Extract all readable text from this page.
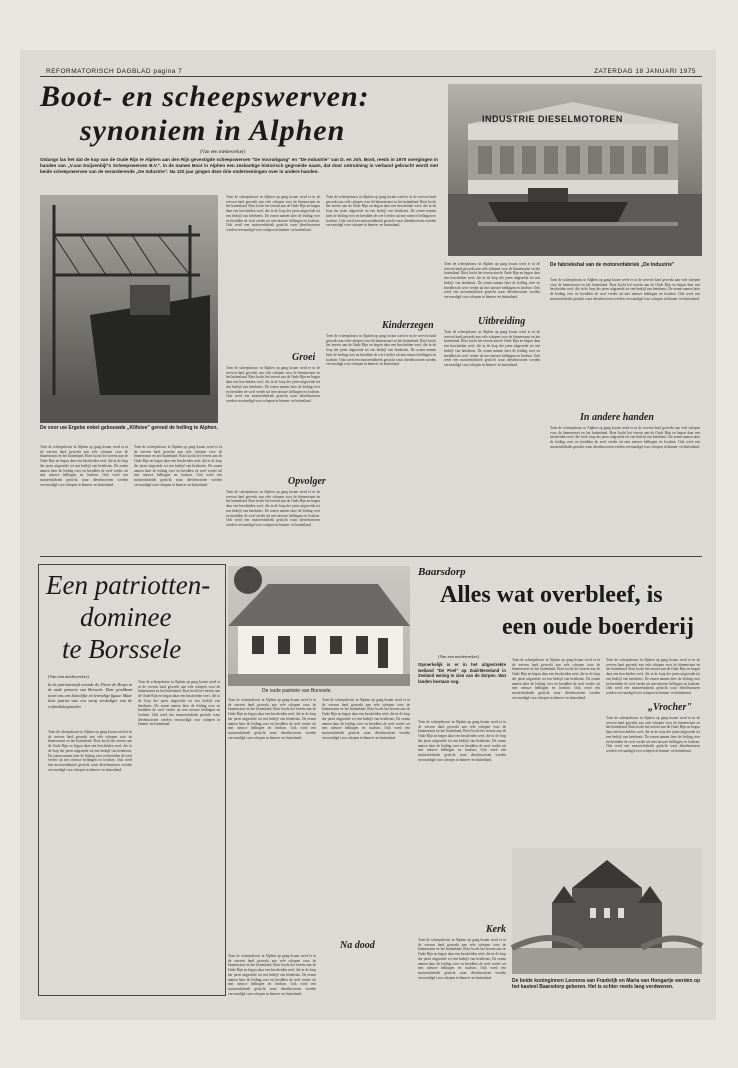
REFORMATORISCH DAGBLAD pagina 7	ZATERDAG 18 JANUARI 1975
Boot- en scheepswerven:
synoniem in Alphen	INDUSTRIE DIESELMOTOREN
(Van een medewerker)
Onlangs las het dat de kop van de Oude Rijn te Alphen aan den Rijn gevestigde scheepswerven "De Vooruitgang" en "De Industrie" van D. en Joh. Boot, reeds in 1970 overgingen in handen van „V.van Duijvenbijl"s Scheepswerven B.V.". In de namen Boot in Alphen een zeskantige historisch gegroeide naam, dat door ontruiming in verband gebracht wordt met beide scheepswerven van de veranderende „De Industrie". Na 120 jaar gingen deze drie ondernemingen over in andere handen.
De voor uw Ergebe enkel gebouwde „Klifstee" gereed de helling te Alphen.
Toen de scheepsbouw in Alphen op gang kwam werd er in de werven hard gewerkt aan vele schepen voor de binnenvaart en het buitenland. Boot kocht het terrein aan de Oude Rijn en begon daar een bescheiden werf, die in de loop der jaren uitgroeide tot een bedrijf van betekenis. De zonen namen later de leiding over en breidden de werf verder uit met nieuwe hellingen en loodsen. Ook werd een motorenfabriek gesticht waar dieselmotoren werden vervaardigd voor schepen in binnen- en buitenland.
Toen de scheepsbouw in Alphen op gang kwam werd er in de werven hard gewerkt aan vele schepen voor de binnenvaart en het buitenland. Boot kocht het terrein aan de Oude Rijn en begon daar een bescheiden werf, die in de loop der jaren uitgroeide tot een bedrijf van betekenis. De zonen namen later de leiding over en breidden de werf verder uit met nieuwe hellingen en loodsen. Ook werd een motorenfabriek gesticht waar dieselmotoren werden vervaardigd voor schepen in binnen- en buitenland.
Toen de scheepsbouw in Alphen op gang kwam werd er in de werven hard gewerkt aan vele schepen voor de binnenvaart en het buitenland. Boot kocht het terrein aan de Oude Rijn en begon daar een bescheiden werf, die in de loop der jaren uitgroeide tot een bedrijf van betekenis. De zonen namen later de leiding over en breidden de werf verder uit met nieuwe hellingen en loodsen. Ook werd een motorenfabriek gesticht waar dieselmotoren werden vervaardigd voor schepen in binnen- en buitenland.
Groei
Toen de scheepsbouw in Alphen op gang kwam werd er in de werven hard gewerkt aan vele schepen voor de binnenvaart en het buitenland. Boot kocht het terrein aan de Oude Rijn en begon daar een bescheiden werf, die in de loop der jaren uitgroeide tot een bedrijf van betekenis. De zonen namen later de leiding over en breidden de werf verder uit met nieuwe hellingen en loodsen. Ook werd een motorenfabriek gesticht waar dieselmotoren werden vervaardigd voor schepen in binnen- en buitenland.
Opvolger
Toen de scheepsbouw in Alphen op gang kwam werd er in de werven hard gewerkt aan vele schepen voor de binnenvaart en het buitenland. Boot kocht het terrein aan de Oude Rijn en begon daar een bescheiden werf, die in de loop der jaren uitgroeide tot een bedrijf van betekenis. De zonen namen later de leiding over en breidden de werf verder uit met nieuwe hellingen en loodsen. Ook werd een motorenfabriek gesticht waar dieselmotoren werden vervaardigd voor schepen in binnen- en buitenland.
Toen de scheepsbouw in Alphen op gang kwam werd er in de werven hard gewerkt aan vele schepen voor de binnenvaart en het buitenland. Boot kocht het terrein aan de Oude Rijn en begon daar een bescheiden werf, die in de loop der jaren uitgroeide tot een bedrijf van betekenis. De zonen namen later de leiding over en breidden de werf verder uit met nieuwe hellingen en loodsen. Ook werd een motorenfabriek gesticht waar dieselmotoren werden vervaardigd voor schepen in binnen- en buitenland.
Kinderzegen
Toen de scheepsbouw in Alphen op gang kwam werd er in de werven hard gewerkt aan vele schepen voor de binnenvaart en het buitenland. Boot kocht het terrein aan de Oude Rijn en begon daar een bescheiden werf, die in de loop der jaren uitgroeide tot een bedrijf van betekenis. De zonen namen later de leiding over en breidden de werf verder uit met nieuwe hellingen en loodsen. Ook werd een motorenfabriek gesticht waar dieselmotoren werden vervaardigd voor schepen in binnen- en buitenland.
Toen de scheepsbouw in Alphen op gang kwam werd er in de werven hard gewerkt aan vele schepen voor de binnenvaart en het buitenland. Boot kocht het terrein aan de Oude Rijn en begon daar een bescheiden werf, die in de loop der jaren uitgroeide tot een bedrijf van betekenis. De zonen namen later de leiding over en breidden de werf verder uit met nieuwe hellingen en loodsen. Ook werd een motorenfabriek gesticht waar dieselmotoren werden vervaardigd voor schepen in binnen- en buitenland.
Uitbreiding
Toen de scheepsbouw in Alphen op gang kwam werd er in de werven hard gewerkt aan vele schepen voor de binnenvaart en het buitenland. Boot kocht het terrein aan de Oude Rijn en begon daar een bescheiden werf, die in de loop der jaren uitgroeide tot een bedrijf van betekenis. De zonen namen later de leiding over en breidden de werf verder uit met nieuwe hellingen en loodsen. Ook werd een motorenfabriek gesticht waar dieselmotoren werden vervaardigd voor schepen in binnen- en buitenland.
De fabriekshal van de motorenfabriek „De Industrie"
Toen de scheepsbouw in Alphen op gang kwam werd er in de werven hard gewerkt aan vele schepen voor de binnenvaart en het buitenland. Boot kocht het terrein aan de Oude Rijn en begon daar een bescheiden werf, die in de loop der jaren uitgroeide tot een bedrijf van betekenis. De zonen namen later de leiding over en breidden de werf verder uit met nieuwe hellingen en loodsen. Ook werd een motorenfabriek gesticht waar dieselmotoren werden vervaardigd voor schepen in binnen- en buitenland.
In andere handen
Toen de scheepsbouw in Alphen op gang kwam werd er in de werven hard gewerkt aan vele schepen voor de binnenvaart en het buitenland. Boot kocht het terrein aan de Oude Rijn en begon daar een bescheiden werf, die in de loop der jaren uitgroeide tot een bedrijf van betekenis. De zonen namen later de leiding over en breidden de werf verder uit met nieuwe hellingen en loodsen. Ook werd een motorenfabriek gesticht waar dieselmotoren werden vervaardigd voor schepen in binnen- en buitenland.
Een patriotten-
dominee
te Borssele
(Van een medewerker)
In de patriottentijd woonde ds. Pieter de Bruyn in de oude pastorie van Borssele. Deze predikant toont ons een hartelijke en levendige figuur. Maar deze patriot was een vurig verdediger van de vrijheidsbeginselen.
Toen de scheepsbouw in Alphen op gang kwam werd er in de werven hard gewerkt aan vele schepen voor de binnenvaart en het buitenland. Boot kocht het terrein aan de Oude Rijn en begon daar een bescheiden werf, die in de loop der jaren uitgroeide tot een bedrijf van betekenis. De zonen namen later de leiding over en breidden de werf verder uit met nieuwe hellingen en loodsen. Ook werd een motorenfabriek gesticht waar dieselmotoren werden vervaardigd voor schepen in binnen- en buitenland.
Toen de scheepsbouw in Alphen op gang kwam werd er in de werven hard gewerkt aan vele schepen voor de binnenvaart en het buitenland. Boot kocht het terrein aan de Oude Rijn en begon daar een bescheiden werf, die in de loop der jaren uitgroeide tot een bedrijf van betekenis. De zonen namen later de leiding over en breidden de werf verder uit met nieuwe hellingen en loodsen. Ook werd een motorenfabriek gesticht waar dieselmotoren werden vervaardigd voor schepen in binnen- en buitenland.
De oude pastorie van Borssele.
Toen de scheepsbouw in Alphen op gang kwam werd er in de werven hard gewerkt aan vele schepen voor de binnenvaart en het buitenland. Boot kocht het terrein aan de Oude Rijn en begon daar een bescheiden werf, die in de loop der jaren uitgroeide tot een bedrijf van betekenis. De zonen namen later de leiding over en breidden de werf verder uit met nieuwe hellingen en loodsen. Ook werd een motorenfabriek gesticht waar dieselmotoren werden vervaardigd voor schepen in binnen- en buitenland.
Na dood
Toen de scheepsbouw in Alphen op gang kwam werd er in de werven hard gewerkt aan vele schepen voor de binnenvaart en het buitenland. Boot kocht het terrein aan de Oude Rijn en begon daar een bescheiden werf, die in de loop der jaren uitgroeide tot een bedrijf van betekenis. De zonen namen later de leiding over en breidden de werf verder uit met nieuwe hellingen en loodsen. Ook werd een motorenfabriek gesticht waar dieselmotoren werden vervaardigd voor schepen in binnen- en buitenland.
Toen de scheepsbouw in Alphen op gang kwam werd er in de werven hard gewerkt aan vele schepen voor de binnenvaart en het buitenland. Boot kocht het terrein aan de Oude Rijn en begon daar een bescheiden werf, die in de loop der jaren uitgroeide tot een bedrijf van betekenis. De zonen namen later de leiding over en breidden de werf verder uit met nieuwe hellingen en loodsen. Ook werd een motorenfabriek gesticht waar dieselmotoren werden vervaardigd voor schepen in binnen- en buitenland.
Baarsdorp
Alles wat overbleef, is
een oude boerderij
(Van een medewerker)
Opmerkelijk is er in het uitgestrekte weiland "De Poel" op Zuid-Beveland in Zeeland weinig te zien van de dorpen. Wat landen bestaan nog.
Toen de scheepsbouw in Alphen op gang kwam werd er in de werven hard gewerkt aan vele schepen voor de binnenvaart en het buitenland. Boot kocht het terrein aan de Oude Rijn en begon daar een bescheiden werf, die in de loop der jaren uitgroeide tot een bedrijf van betekenis. De zonen namen later de leiding over en breidden de werf verder uit met nieuwe hellingen en loodsen. Ook werd een motorenfabriek gesticht waar dieselmotoren werden vervaardigd voor schepen in binnen- en buitenland.
Kerk
Toen de scheepsbouw in Alphen op gang kwam werd er in de werven hard gewerkt aan vele schepen voor de binnenvaart en het buitenland. Boot kocht het terrein aan de Oude Rijn en begon daar een bescheiden werf, die in de loop der jaren uitgroeide tot een bedrijf van betekenis. De zonen namen later de leiding over en breidden de werf verder uit met nieuwe hellingen en loodsen. Ook werd een motorenfabriek gesticht waar dieselmotoren werden vervaardigd voor schepen in binnen- en buitenland.
Toen de scheepsbouw in Alphen op gang kwam werd er in de werven hard gewerkt aan vele schepen voor de binnenvaart en het buitenland. Boot kocht het terrein aan de Oude Rijn en begon daar een bescheiden werf, die in de loop der jaren uitgroeide tot een bedrijf van betekenis. De zonen namen later de leiding over en breidden de werf verder uit met nieuwe hellingen en loodsen. Ook werd een motorenfabriek gesticht waar dieselmotoren werden vervaardigd voor schepen in binnen- en buitenland.
Toen de scheepsbouw in Alphen op gang kwam werd er in de werven hard gewerkt aan vele schepen voor de binnenvaart en het buitenland. Boot kocht het terrein aan de Oude Rijn en begon daar een bescheiden werf, die in de loop der jaren uitgroeide tot een bedrijf van betekenis. De zonen namen later de leiding over en breidden de werf verder uit met nieuwe hellingen en loodsen. Ook werd een motorenfabriek gesticht waar dieselmotoren werden vervaardigd voor schepen in binnen- en buitenland.
„Vrocher"
Toen de scheepsbouw in Alphen op gang kwam werd er in de werven hard gewerkt aan vele schepen voor de binnenvaart en het buitenland. Boot kocht het terrein aan de Oude Rijn en begon daar een bescheiden werf, die in de loop der jaren uitgroeide tot een bedrijf van betekenis. De zonen namen later de leiding over en breidden de werf verder uit met nieuwe hellingen en loodsen. Ook werd een motorenfabriek gesticht waar dieselmotoren werden vervaardigd voor schepen in binnen- en buitenland.
De beide koninginnen Leonora van Frankrijk en Maria van Hongarije werden op het kasteel Baarsdorp geboren. Het is echter reeds lang verdwenen.
